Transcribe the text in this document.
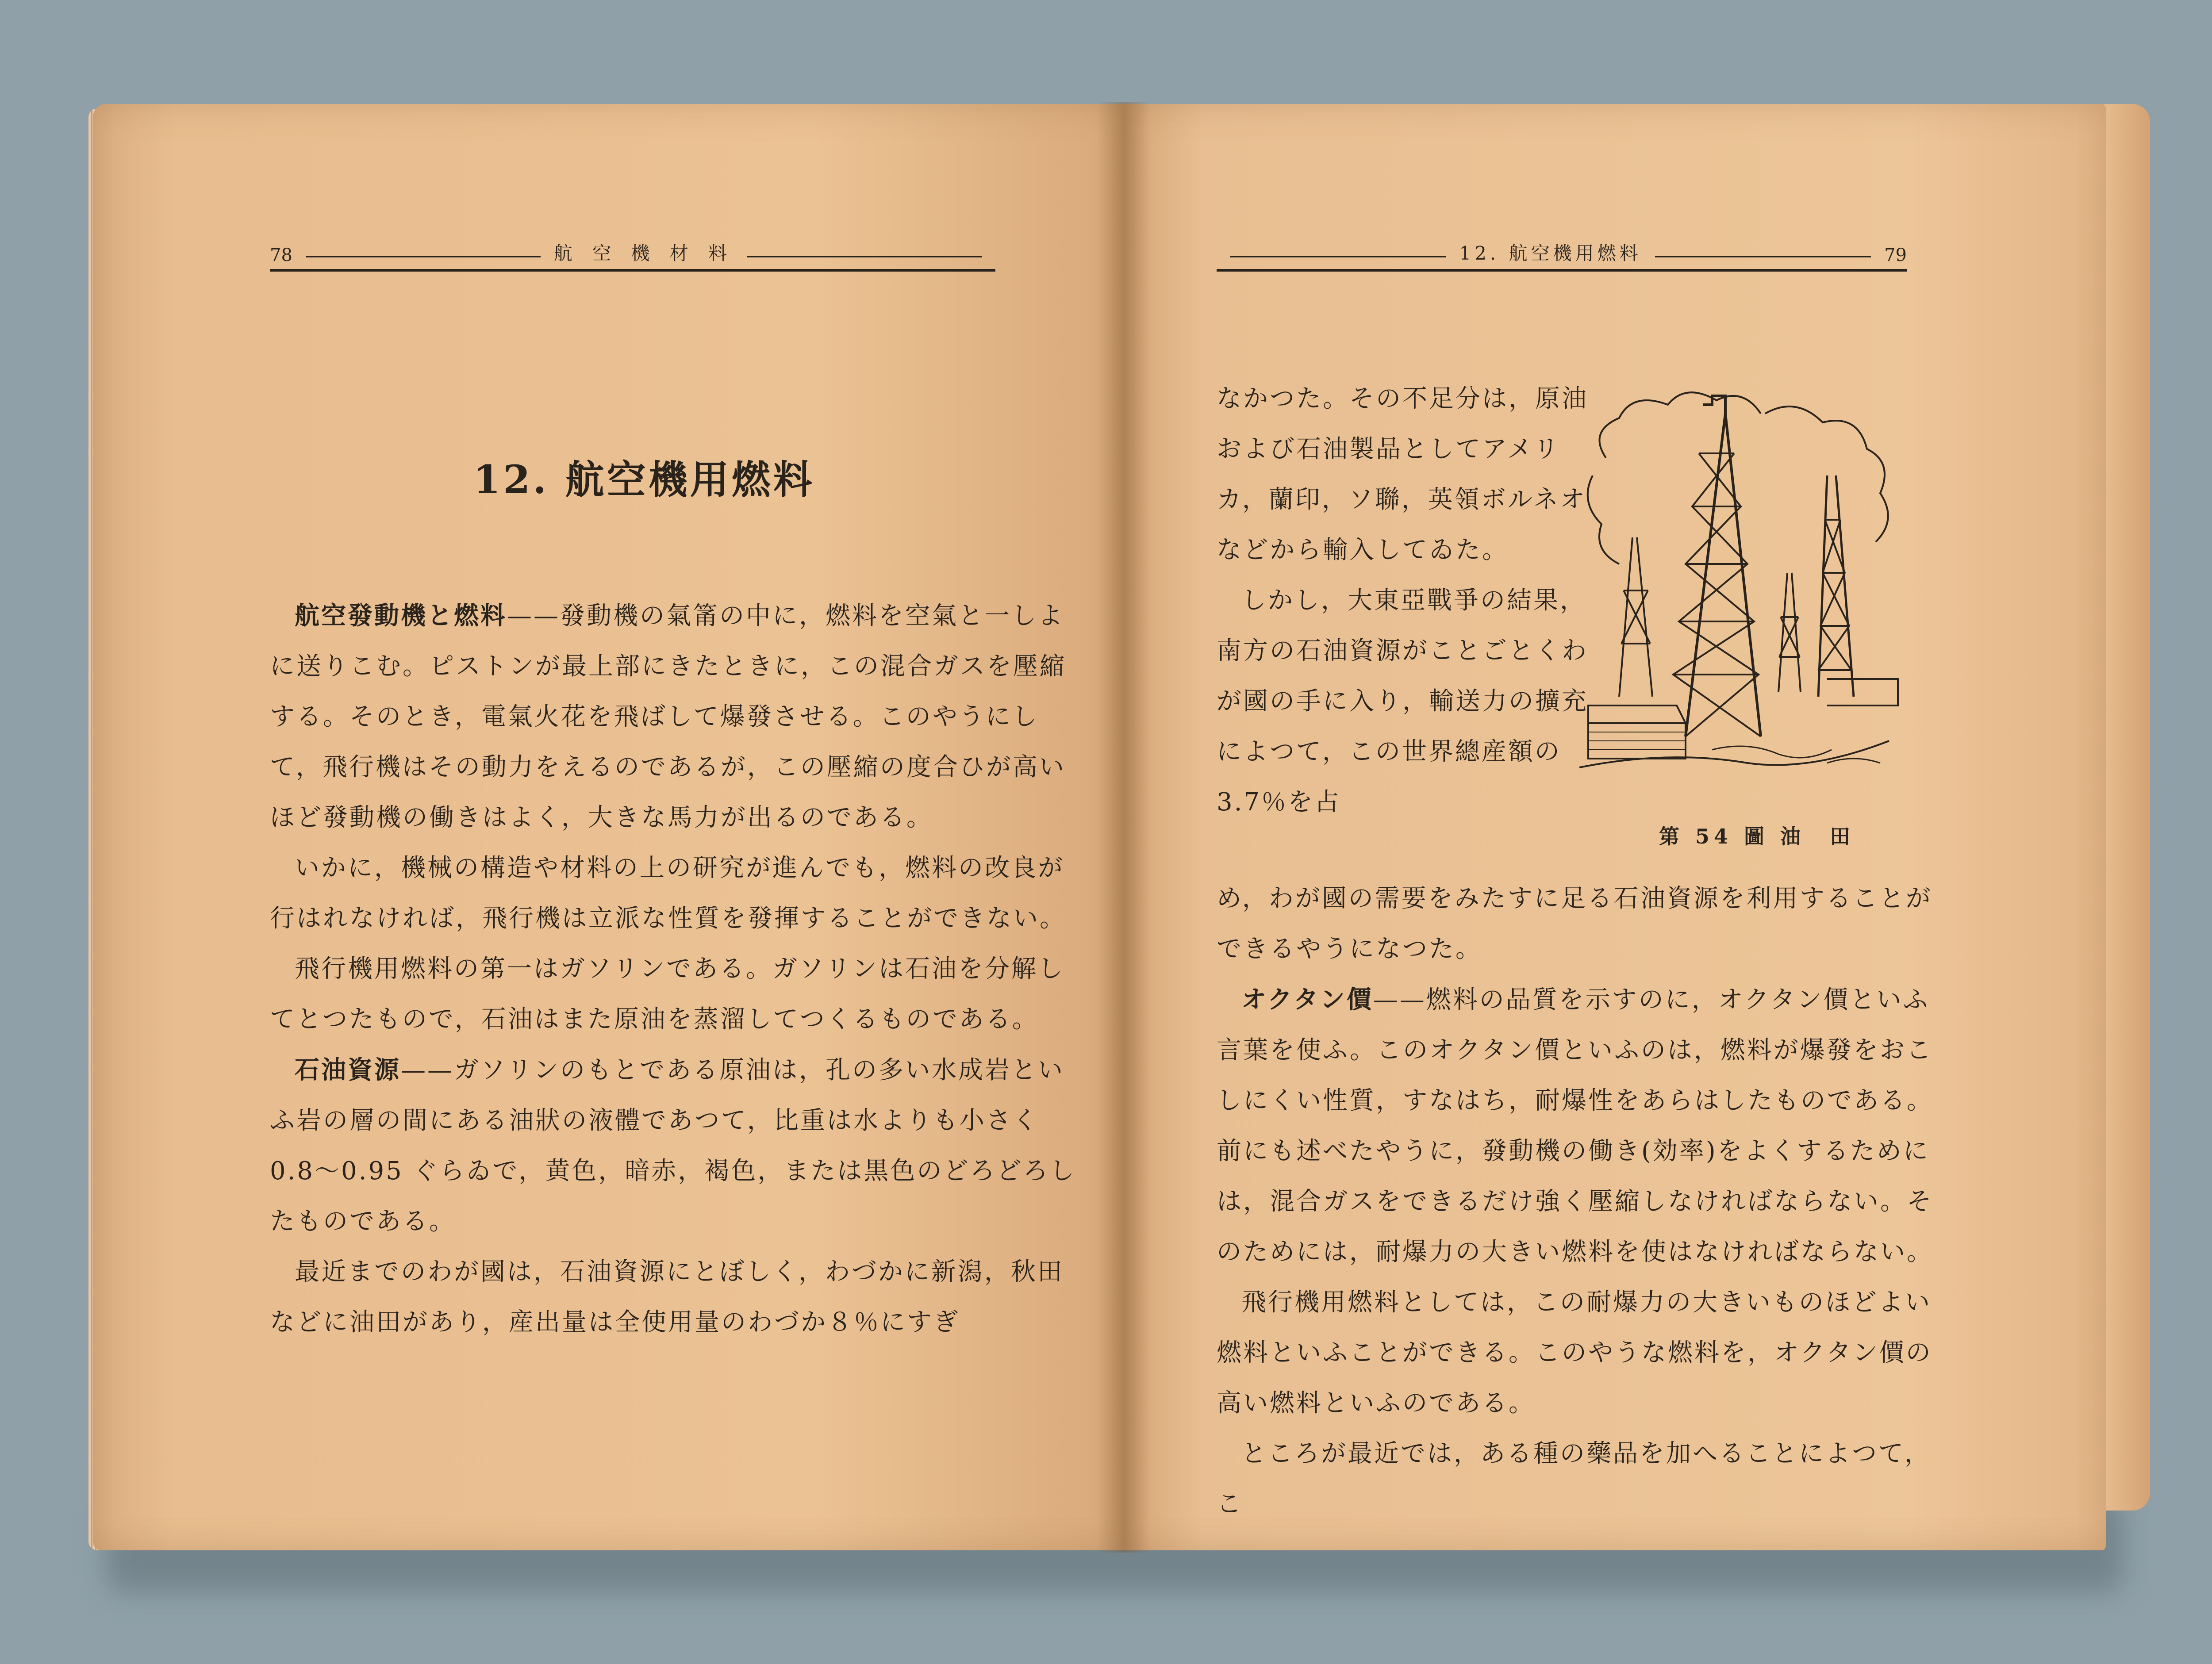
78	航 空 機 材 料
12. 航空機用燃料

航空發動機と燃料——發動機の氣筩の中に，燃料を空氣と一しよに送りこむ。ピストンが最上部にきたときに，この混合ガスを壓縮する。そのとき，電氣火花を飛ばして爆發させる。このやうにして，飛行機はその動力をえるのであるが，この壓縮の度合ひが高いほど發動機の働きはよく，大きな馬力が出るのである。

いかに，機械の構造や材料の上の研究が進んでも，燃料の改良が行はれなければ，飛行機は立派な性質を發揮することができない。

飛行機用燃料の第一はガソリンである。ガソリンは石油を分解してとつたもので，石油はまた原油を蒸溜してつくるものである。

石油資源——ガソリンのもとである原油は，孔の多い水成岩といふ岩の層の間にある油狀の液體であつて，比重は水よりも小さく 0.8〜0.95 ぐらゐで，黄色，暗赤，褐色，または黒色のどろどろしたものである。

最近までのわが國は，石油資源にとぼしく，わづかに新潟，秋田などに油田があり，産出量は全使用量のわづか８％にすぎ

12. 航空機用燃料	79

なかつた。その不足分は，原油および石油製品としてアメリカ，蘭印，ソ聯，英領ボルネオなどから輸入してゐた。

しかし，大東亞戰爭の結果，南方の石油資源がことごとくわが國の手に入り，輸送力の擴充によつて，この世界總産額の 3.7％を占

第 54 圖 油　田

め，わが國の需要をみたすに足る石油資源を利用することができるやうになつた。

オクタン價——燃料の品質を示すのに，オクタン價といふ言葉を使ふ。このオクタン價といふのは，燃料が爆發をおこしにくい性質，すなはち，耐爆性をあらはしたものである。前にも述べたやうに，發動機の働き(効率)をよくするためには，混合ガスをできるだけ強く壓縮しなければならない。そのためには，耐爆力の大きい燃料を使はなければならない。

飛行機用燃料としては，この耐爆力の大きいものほどよい燃料といふことができる。このやうな燃料を，オクタン價の高い燃料といふのである。

ところが最近では，ある種の藥品を加へることによつて，こ
